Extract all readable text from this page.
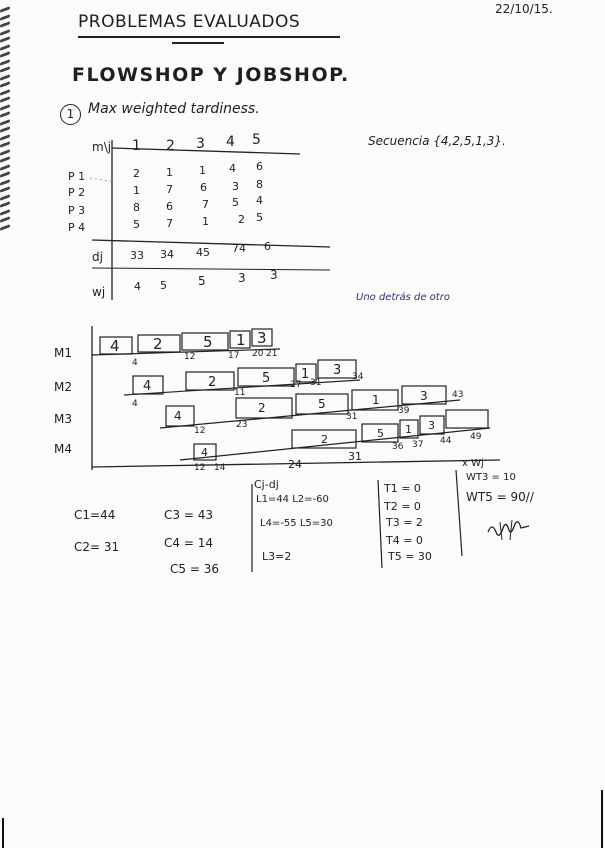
PROBLEMAS EVALUADOS
22/10/15.
FLOWSHOP Y JOBSHOP.
1 Max weighted tardiness.
Secuencia {4,2,5,1,3}.
m\j 1 2 3 4 5
P 1	2 1 1 4 6
P 2	1 7 6 3 8
P 3	8 6	7 5 4
P 4	5 7	1	2 5
dj 33 34 45 74 6
wj	4 5	5	3 3
Uno detrás de otro
4 2	5 1 3
4	2	5 1 3
4
2	5	1	3
4
2	5 1 3
M1
M2
M3
M4
4
12	17 20 21
4
11
27 31
34
12
23
31
39
43
12 14	24
31
36 37 44 49
C1=44
C2= 31
C3 = 43
C4 = 14
C5 = 36
Cj-dj
L1=44 L2=-60
L4=-55 L5=30
L3=2
T1 = 0
T2 = 0
T3 = 2
T4 = 0
T5 = 30
x Wj
WT3 = 10
WT5 = 90//
